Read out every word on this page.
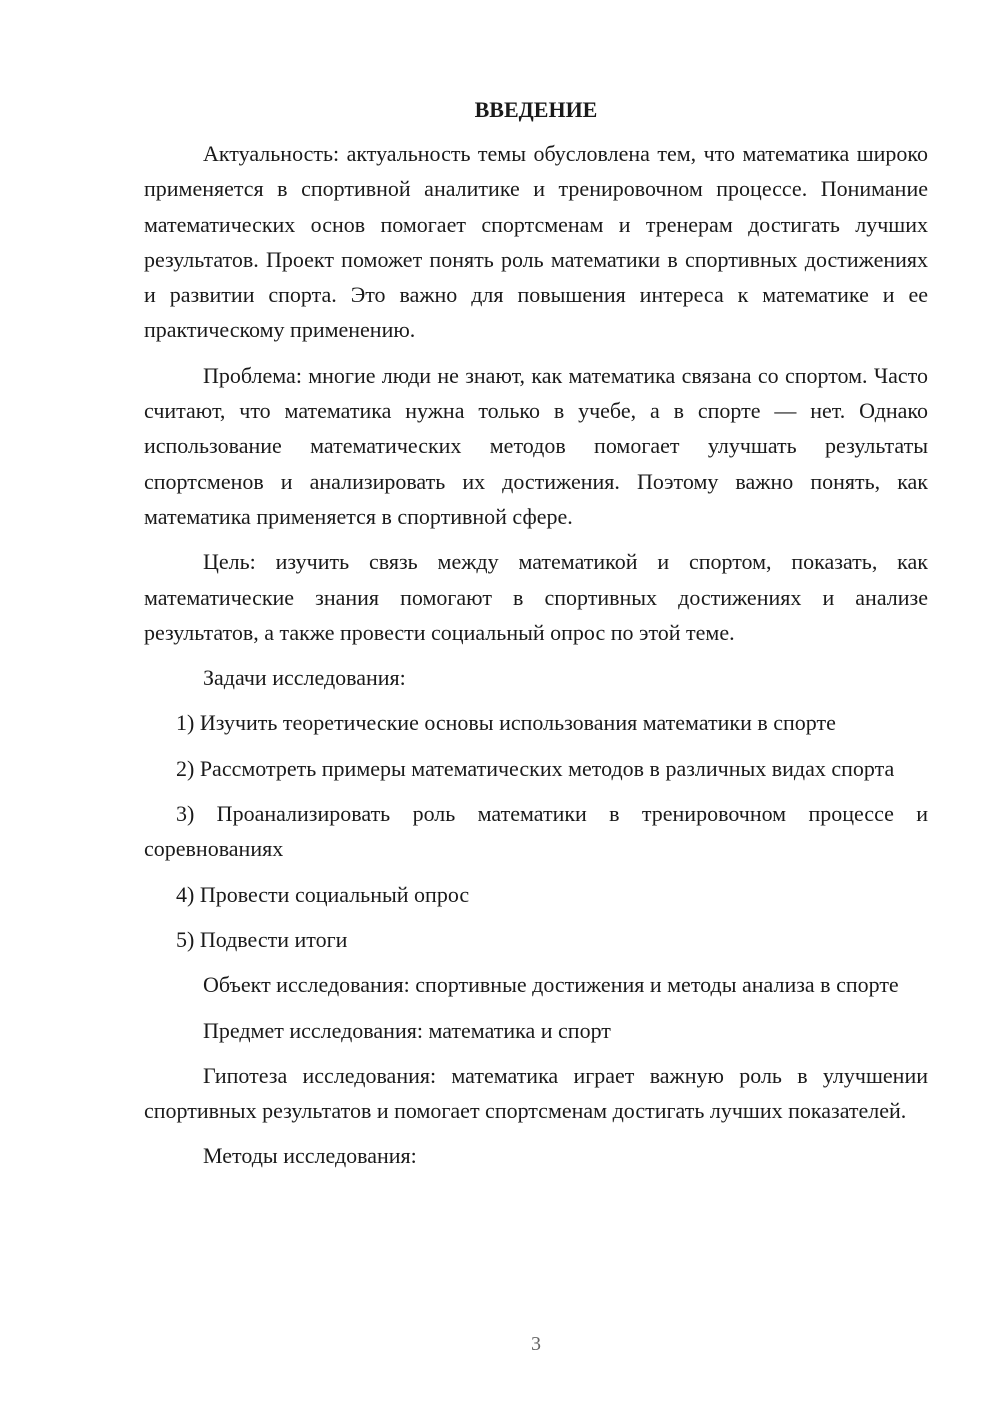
ВВЕДЕНИЕ

Актуальность: актуальность темы обусловлена тем, что математика широко применяется в спортивной аналитике и тренировочном процессе. Понимание математических основ помогает спортсменам и тренерам достигать лучших результатов. Проект поможет понять роль математики в спортивных достижениях и развитии спорта. Это важно для повышения интереса к математике и ее практическому применению.

Проблема: многие люди не знают, как математика связана со спортом. Часто считают, что математика нужна только в учебе, а в спорте — нет. Однако использование математических методов помогает улучшать результаты спортсменов и анализировать их достижения. Поэтому важно понять, как математика применяется в спортивной сфере.

Цель: изучить связь между математикой и спортом, показать, как математические знания помогают в спортивных достижениях и анализе результатов, а также провести социальный опрос по этой теме.

Задачи исследования:

1) Изучить теоретические основы использования математики в спорте

2) Рассмотреть примеры математических методов в различных видах спорта

3) Проанализировать роль математики в тренировочном процессе и соревнованиях

4) Провести социальный опрос

5) Подвести итоги

Объект исследования: спортивные достижения и методы анализа в спорте

Предмет исследования: математика и спорт

Гипотеза исследования: математика играет важную роль в улучшении спортивных результатов и помогает спортсменам достигать лучших показателей.

Методы исследования:

3
